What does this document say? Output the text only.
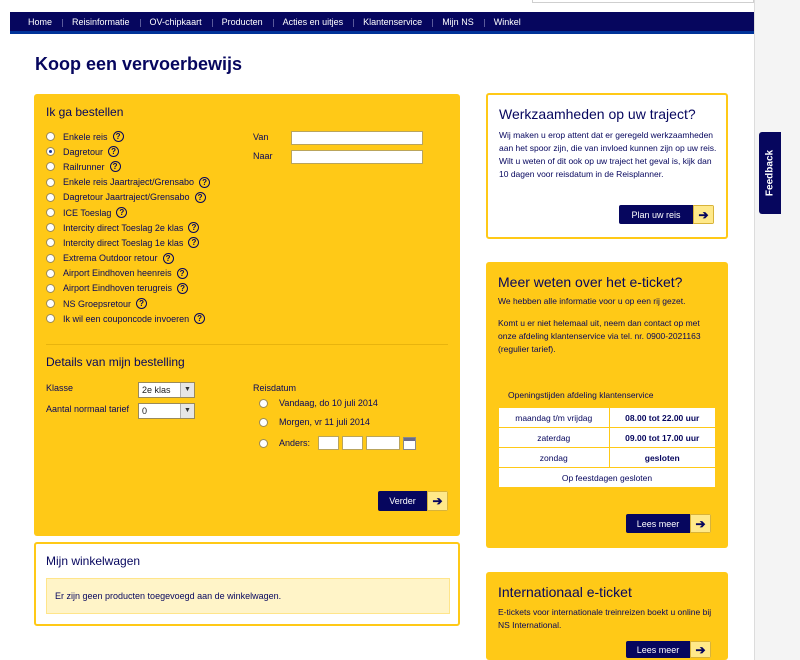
Home	Reisinformatie	OV-chipkaart	Producten	Acties en uitjes	Klantenservice	Mijn NS	Winkel
Koop een vervoerbewijs
Ik ga bestellen
Enkele reis	?
Dagretour	?
Railrunner	?
Enkele reis Jaartraject/Grensabo	?
Dagretour Jaartraject/Grensabo	?
ICE Toeslag	?
Intercity direct Toeslag 2e klas	?
Intercity direct Toeslag 1e klas	?
Extrema Outdoor retour	?
Airport Eindhoven heenreis	?
Airport Eindhoven terugreis	?
NS Groepsretour	?
Ik wil een couponcode invoeren	?
Van
Naar
Details van mijn bestelling
Klasse	2e klas	▼
Aantal normaal tarief	0	▼
Reisdatum
Vandaag, do 10 juli 2014
Morgen, vr 11 juli 2014
Anders:
Verder	➔
Mijn winkelwagen
Er zijn geen producten toegevoegd aan de winkelwagen.
Werkzaamheden op uw traject?
Wij maken u erop attent dat er geregeld werkzaamheden aan het spoor zijn, die van invloed kunnen zijn op uw reis.
Wilt u weten of dit ook op uw traject het geval is, kijk dan 10 dagen voor reisdatum in de Reisplanner.
Plan uw reis	➔
Meer weten over het e-ticket?
We hebben alle informatie voor u op een rij gezet.
Komt u er niet helemaal uit, neem dan contact op met onze afdeling klantenservice via tel. nr. 0900-2021163 (regulier tarief).
Openingstijden afdeling klantenservice
maandag t/m vrijdag	08.00 tot 22.00 uur
zaterdag	09.00 tot 17.00 uur
zondag	gesloten
Op feestdagen gesloten	
Lees meer	➔
Internationaal e-ticket
E-tickets voor internationale treinreizen boekt u online bij NS International.
Lees meer	➔
Feedback
